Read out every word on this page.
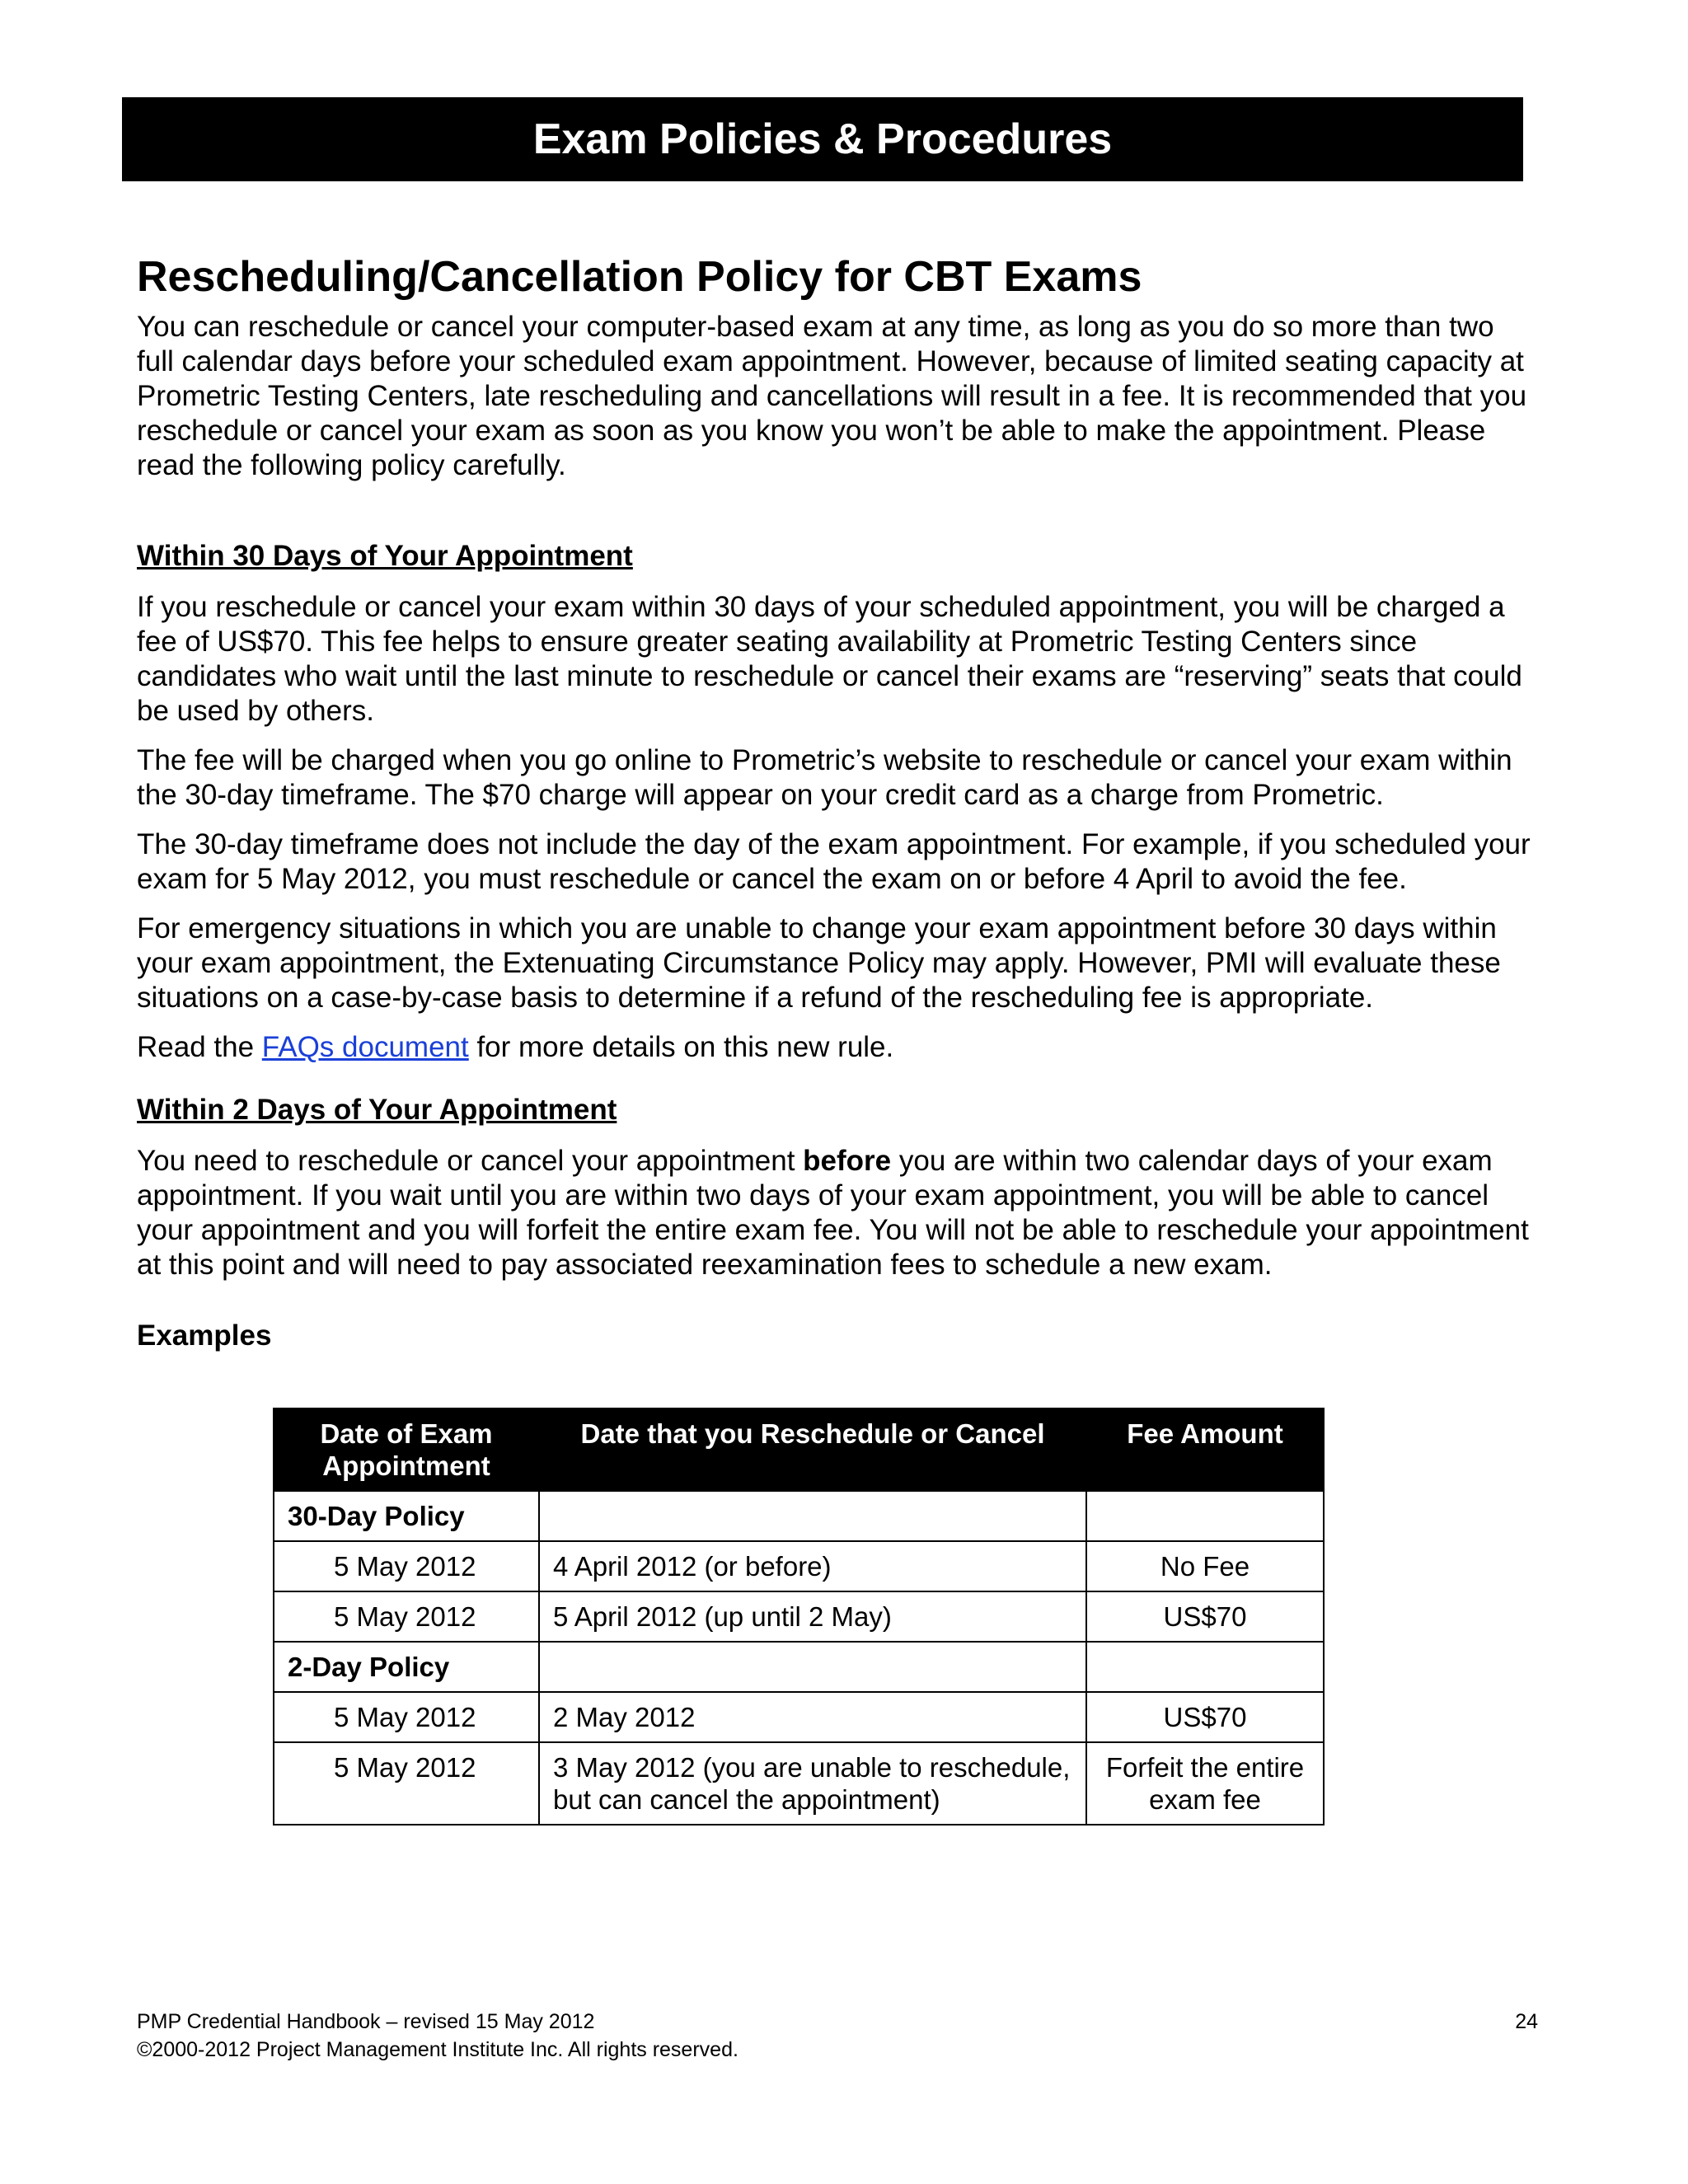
Exam Policies & Procedures
Rescheduling/Cancellation Policy for CBT Exams

You can reschedule or cancel your computer-based exam at any time, as long as you do so more than two full calendar days before your scheduled exam appointment. However, because of limited seating capacity at Prometric Testing Centers, late rescheduling and cancellations will result in a fee. It is recommended that you reschedule or cancel your exam as soon as you know you won’t be able to make the appointment. Please read the following policy carefully.

Within 30 Days of Your Appointment

If you reschedule or cancel your exam within 30 days of your scheduled appointment, you will be charged a fee of US$70. This fee helps to ensure greater seating availability at Prometric Testing Centers since candidates who wait until the last minute to reschedule or cancel their exams are “reserving” seats that could be used by others.

The fee will be charged when you go online to Prometric’s website to reschedule or cancel your exam within the 30-day timeframe. The $70 charge will appear on your credit card as a charge from Prometric.

The 30-day timeframe does not include the day of the exam appointment. For example, if you scheduled your exam for 5 May 2012, you must reschedule or cancel the exam on or before 4 April to avoid the fee.

For emergency situations in which you are unable to change your exam appointment before 30 days within your exam appointment, the Extenuating Circumstance Policy may apply. However, PMI will evaluate these situations on a case-by-case basis to determine if a refund of the rescheduling fee is appropriate.

Read the FAQs document for more details on this new rule.

Within 2 Days of Your Appointment

You need to reschedule or cancel your appointment before you are within two calendar days of your exam appointment. If you wait until you are within two days of your exam appointment, you will be able to cancel your appointment and you will forfeit the entire exam fee. You will not be able to reschedule your appointment at this point and will need to pay associated reexamination fees to schedule a new exam.

Examples
Date of Exam Appointment	Date that you Reschedule or Cancel	Fee Amount
30-Day Policy		
5 May 2012	4 April 2012 (or before)	No Fee
5 May 2012	5 April 2012 (up until 2 May)	US$70
2-Day Policy		
5 May 2012	2 May 2012	US$70
5 May 2012	3 May 2012 (you are unable to reschedule, but can cancel the appointment)	Forfeit the entire exam fee
PMP Credential Handbook – revised 15 May 2012	24
©2000-2012 Project Management Institute Inc. All rights reserved.
